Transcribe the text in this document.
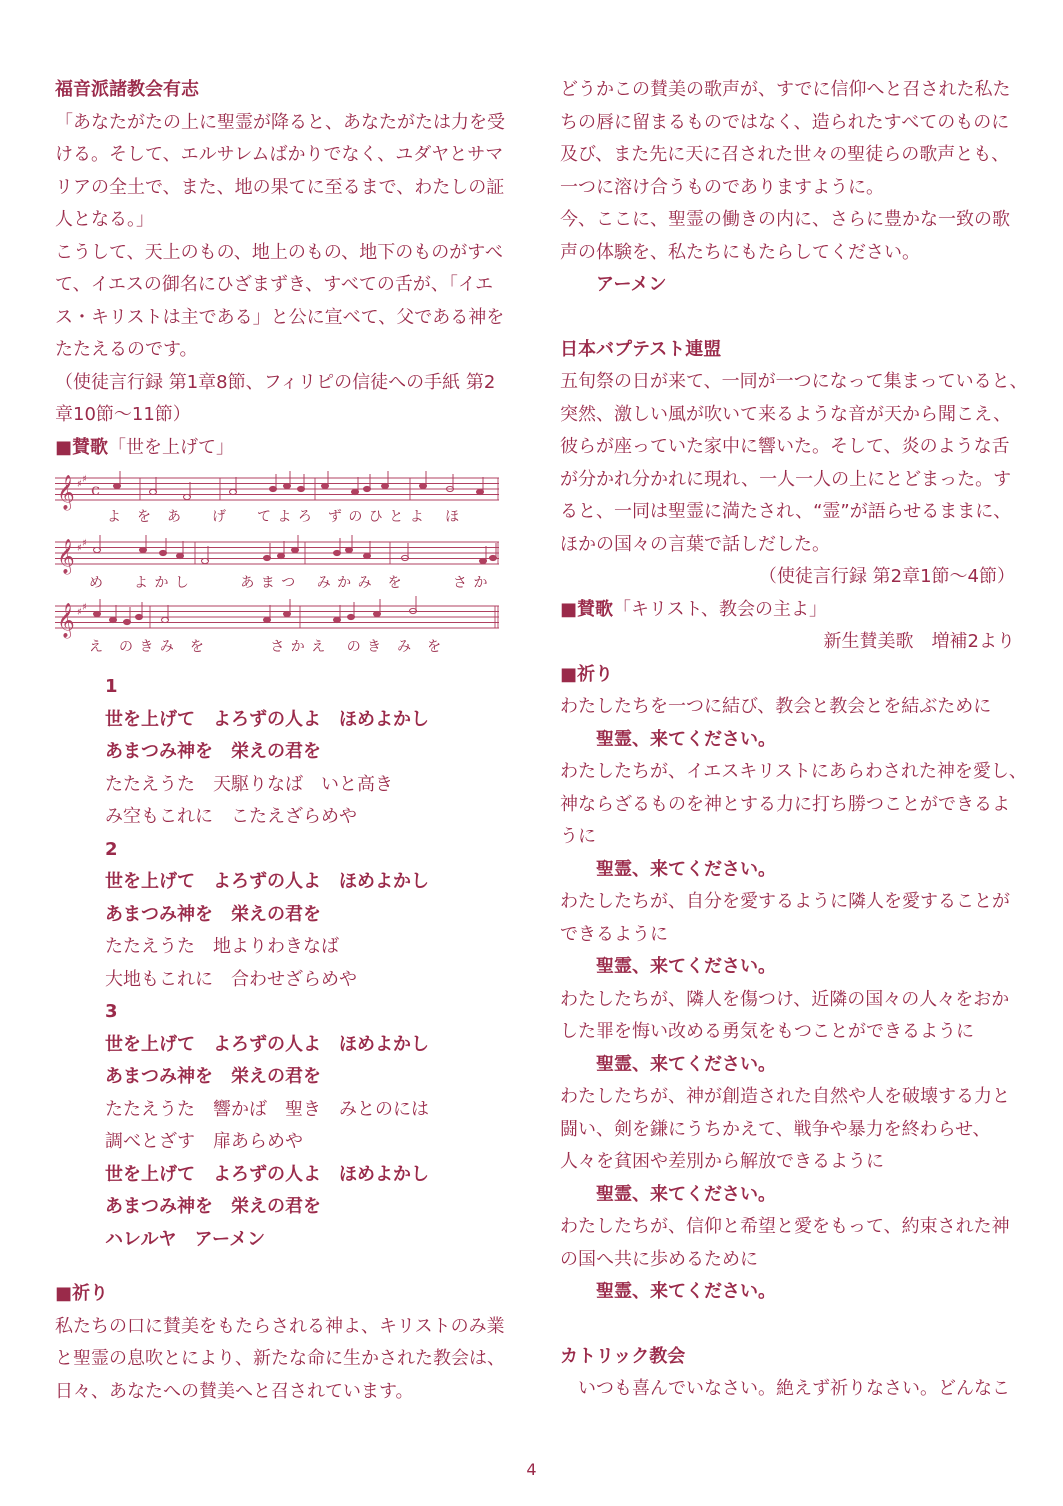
福音派諸教会有志

「あなたがたの上に聖霊が降ると、あなたがたは力を受

ける。そして、エルサレムばかりでなく、ユダヤとサマ

リアの全土で、また、地の果てに至るまで、わたしの証

人となる。」

こうして、天上のもの、地上のもの、地下のものがすべ

て、イエスの御名にひざまずき、すべての舌が、「イエ

ス・キリストは主である」と公に宣べて、父である神を

たたえるのです。

（使徒言行録 第1章8節、フィリピの信徒への手紙 第2

章10節～11節）

■賛歌「世を上げて」

𝄞
𝄞
𝄞
♯ ♯
♯ ♯
♯ ♯
c
よ　を　あ　　げ　　て よ ろ　ず の ひ と よ　 ほ
め　　よ か し　　　 あ ま つ　 み か み　を　　　 さ か
え　の き み　を　　　　 さ か え　 の き　み　を

1

世を上げて　よろずの人よ　ほめよかし

あまつみ神を　栄えの君を

たたえうた　天駆りなば　いと高き

み空もこれに　こたえざらめや

2

世を上げて　よろずの人よ　ほめよかし

あまつみ神を　栄えの君を

たたえうた　地よりわきなば

大地もこれに　合わせざらめや

3

世を上げて　よろずの人よ　ほめよかし

あまつみ神を　栄えの君を

たたえうた　響かば　聖き　みとのには

調べとざす　扉あらめや

世を上げて　よろずの人よ　ほめよかし

あまつみ神を　栄えの君を

ハレルヤ　アーメン

■祈り

私たちの口に賛美をもたらされる神よ、キリストのみ業

と聖霊の息吹とにより、新たな命に生かされた教会は、

日々、あなたへの賛美へと召されています。

どうかこの賛美の歌声が、すでに信仰へと召された私た

ちの唇に留まるものではなく、造られたすべてのものに

及び、また先に天に召された世々の聖徒らの歌声とも、

一つに溶け合うものでありますように。

今、ここに、聖霊の働きの内に、さらに豊かな一致の歌

声の体験を、私たちにもたらしてください。

アーメン

日本バプテスト連盟

五旬祭の日が来て、一同が一つになって集まっていると、

突然、激しい風が吹いて来るような音が天から聞こえ、

彼らが座っていた家中に響いた。そして、炎のような舌

が分かれ分かれに現れ、一人一人の上にとどまった。す

ると、一同は聖霊に満たされ、“霊”が語らせるままに、

ほかの国々の言葉で話しだした。

（使徒言行録 第2章1節～4節）

■賛歌「キリスト、教会の主よ」

新生賛美歌　増補2より

■祈り

わたしたちを一つに結び、教会と教会とを結ぶために

聖霊、来てください。

わたしたちが、イエスキリストにあらわされた神を愛し、

神ならざるものを神とする力に打ち勝つことができるよ

うに

聖霊、来てください。

わたしたちが、自分を愛するように隣人を愛することが

できるように

聖霊、来てください。

わたしたちが、隣人を傷つけ、近隣の国々の人々をおか

した罪を悔い改める勇気をもつことができるように

聖霊、来てください。

わたしたちが、神が創造された自然や人を破壊する力と

闘い、剣を鎌にうちかえて、戦争や暴力を終わらせ、

人々を貧困や差別から解放できるように

聖霊、来てください。

わたしたちが、信仰と希望と愛をもって、約束された神

の国へ共に歩めるために

聖霊、来てください。

カトリック教会

いつも喜んでいなさい。絶えず祈りなさい。どんなこ

4
